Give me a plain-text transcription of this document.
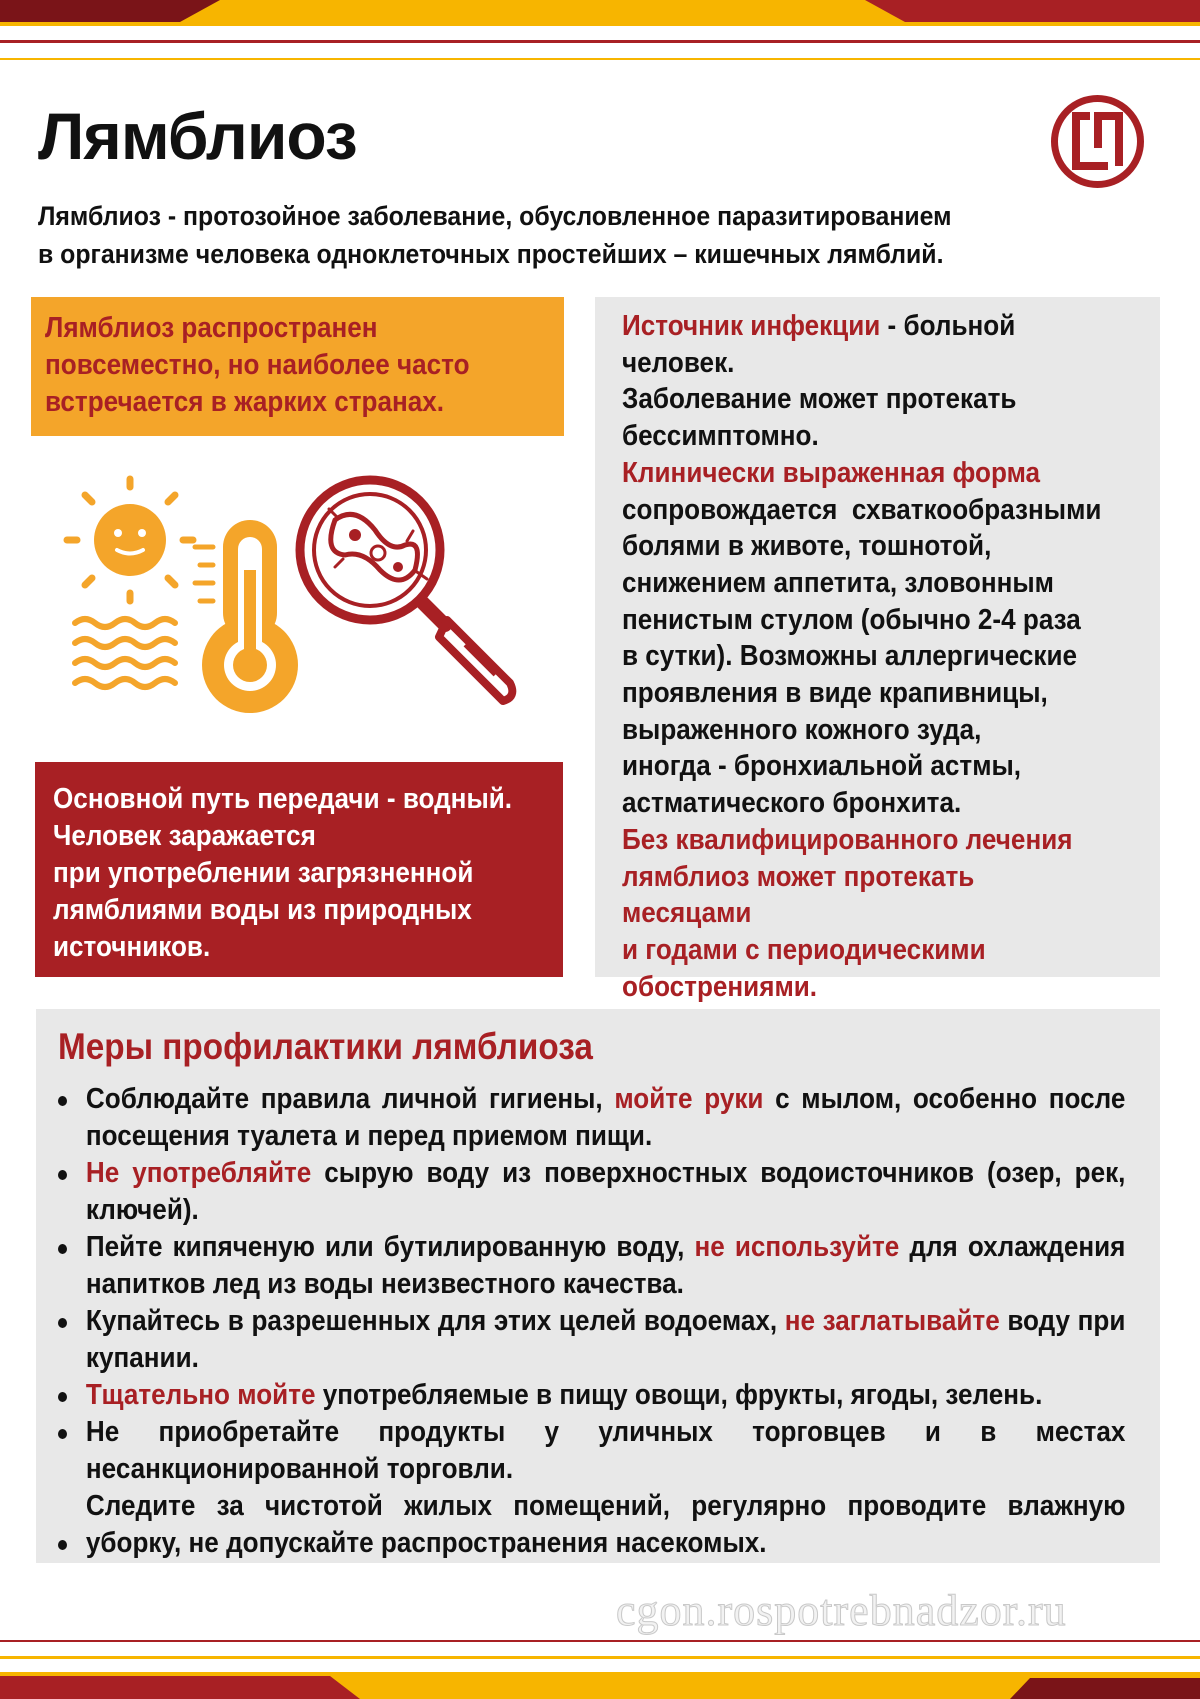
Лямблиоз
Лямблиоз - протозойное заболевание, обусловленное паразитированием
в организме человека одноклеточных простейших – кишечных лямблий.
Лямблиоз распространен
повсеместно, но наиболее часто
встречается в жарких странах.
Основной путь передачи - водный.
Человек заражается
при употреблении загрязненной
лямблиями воды из природных
источников.
Источник инфекции - больной
человек.
Заболевание может протекать
бессимптомно.
Клинически выраженная форма
сопровождается  схваткообразными
болями в животе, тошнотой,
снижением аппетита, зловонным
пенистым стулом (обычно 2-4 раза
в сутки). Возможны аллергические
проявления в виде крапивницы,
выраженного кожного зуда,
иногда - бронхиальной астмы,
астматического бронхита.
Без квалифицированного лечения
лямблиоз может протекать месяцами
и годами с периодическими
обострениями.
Меры профилактики лямблиоза
Соблюдайте правила личной гигиены, мойте руки с мылом, особенно после посещения туалета и перед приемом пищи.
Не употребляйте сырую воду из поверхностных водоисточников (озер, рек, ключей).
Пейте кипяченую или бутилированную воду, не используйте для охлаждения напитков лед из воды неизвестного качества.
Купайтесь в разрешенных для этих целей водоемах, не заглатывайте воду при купании.
Тщательно мойте употребляемые в пищу овощи, фрукты, ягоды, зелень.
Не приобретайте продукты у уличных торговцев и в местах несанкционированной торговли.
Следите за чистотой жилых помещений, регулярно проводите влажную уборку, не допускайте распространения насекомых.
cgon.rospotrebnadzor.ru
